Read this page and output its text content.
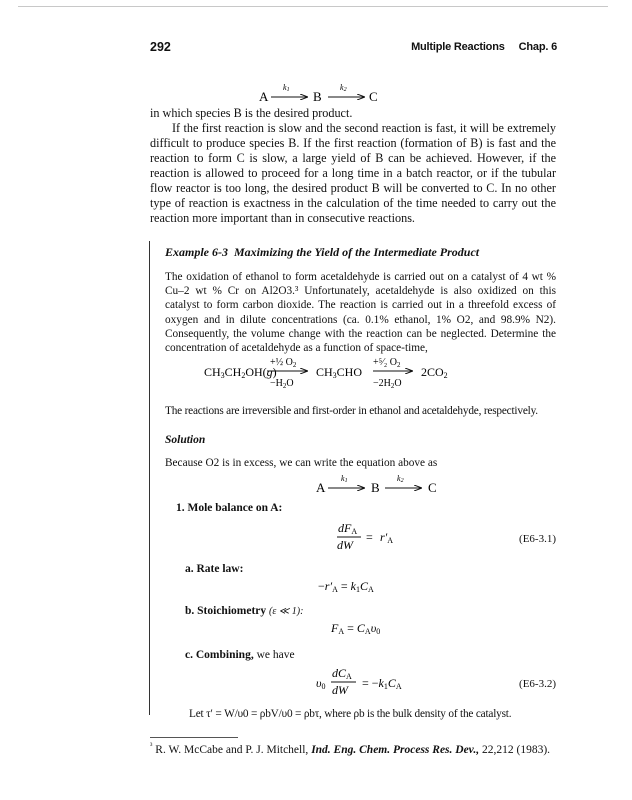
292	Multiple Reactions Chap. 6
A
k1 B
k2 C
CH3CH2OH(g)
+½ $O_2$
$-H_2O$
CH3CHO
+⁵⁄₂ $O_2$
$-2H_2O$
2CO2
A
k1 B
k2 C
dFA
dW
= r′A
−r′A = k1CA
FA = CAυ0
υ0
dCA
dW = −k1CA

in which species B is the desired product.

If the first reaction is slow and the second reaction is fast, it will be extremely difficult to produce species B. If the first reaction (formation of B) is fast and the reaction to form C is slow, a large yield of B can be achieved. However, if the reaction is allowed to proceed for a long time in a batch reactor, or if the tubular flow reactor is too long, the desired product B will be converted to C. In no other type of reaction is exactness in the calculation of the time needed to carry out the reaction more important than in consecutive reactions.

Example 6-3 Maximizing the Yield of the Intermediate Product
The oxidation of ethanol to form acetaldehyde is carried out on a catalyst of 4 wt % Cu–2 wt % Cr on Al2O3.³ Unfortunately, acetaldehyde is also oxidized on this catalyst to form carbon dioxide. The reaction is carried out in a threefold excess of oxygen and in dilute concentrations (ca. 0.1% ethanol, 1% O2, and 98.9% N2). Consequently, the volume change with the reaction can be neglected. Determine the concentration of acetaldehyde as a function of space-time,
The reactions are irreversible and first-order in ethanol and acetaldehyde, respectively.
Solution
Because O2 is in excess, we can write the equation above as
1. Mole balance on A:
(E6-3.1)
a. Rate law:
b. Stoichiometry (ε ≪ 1):
c. Combining, we have
(E6-3.2)
Let τ′ = W/υ0 = ρbV/υ0 = ρbτ, where ρb is the bulk density of the catalyst.
$^{^3}$ R. W. McCabe and P. J. Mitchell, Ind. Eng. Chem. Process Res. Dev., 22,212 (1983).
